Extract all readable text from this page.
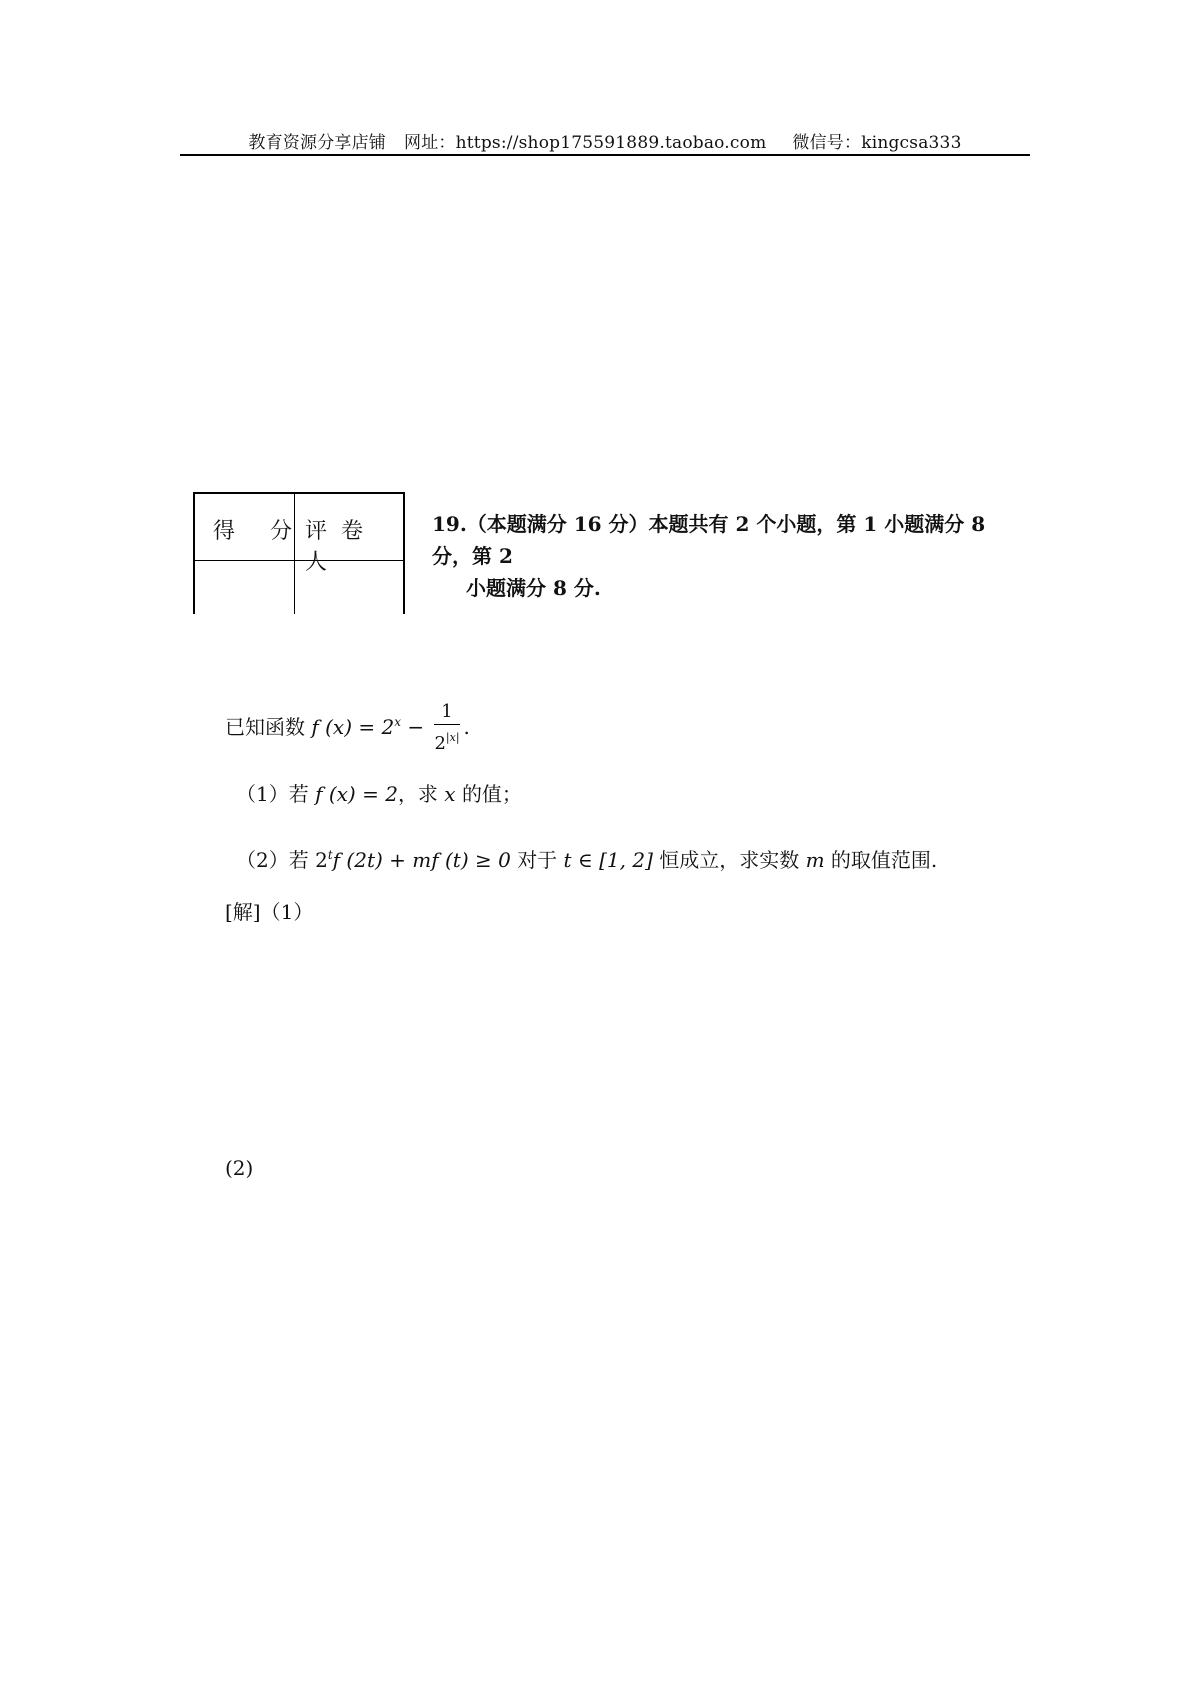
教育资源分享店铺 网址：https://shop175591889.taobao.com 微信号：kingcsa333
得 分 评卷人
19.（本题满分 16 分）本题共有 2 个小题，第 1 小题满分 8 分，第 2
小题满分 8 分.
已知函数 f $(x) = 2^x - \frac{1}{2^{|x|}}$ .
（1）若 f (x) = 2，求 x 的值；
（2）若 2$^t$f (2t) + mf (t) ≥ 0 对于 t ∈ [1, 2] 恒成立，求实数 m 的取值范围.
[解]（1）
(2)
